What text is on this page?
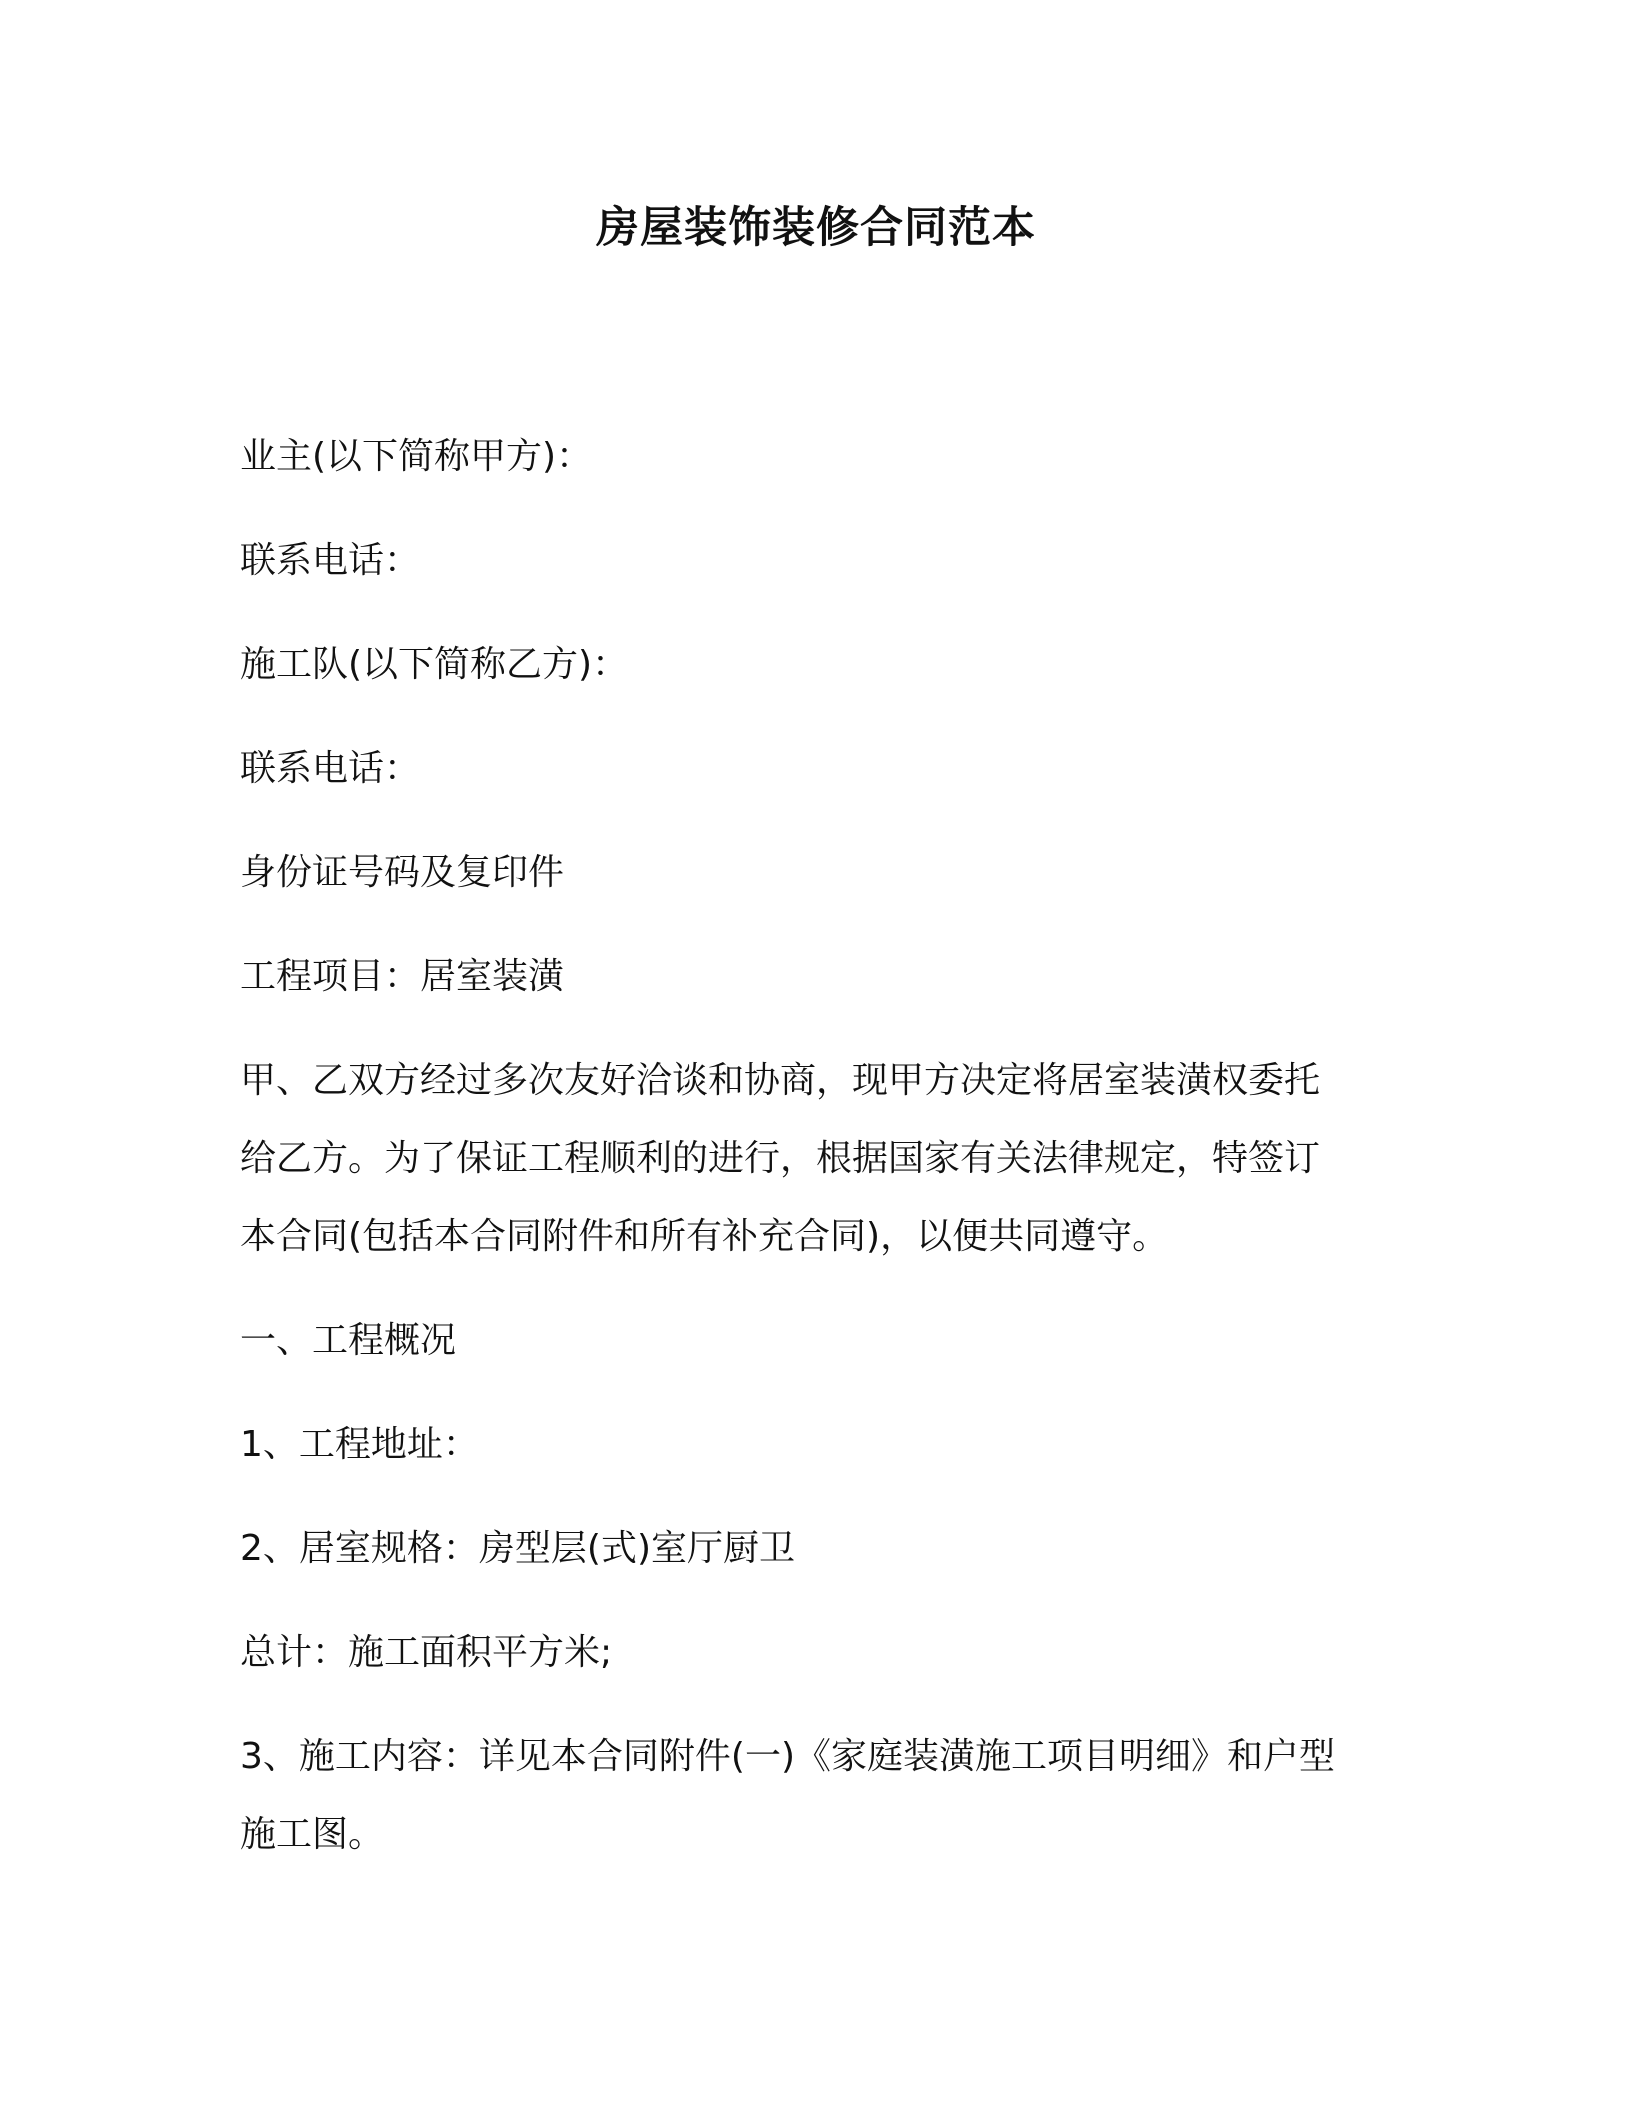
房屋装饰装修合同范本

业主(以下简称甲方)：

联系电话：

施工队(以下简称乙方)：

联系电话：

身份证号码及复印件

工程项目：居室装潢

甲、乙双方经过多次友好洽谈和协商，现甲方决定将居室装潢权委托
给乙方。为了保证工程顺利的进行，根据国家有关法律规定，特签订
本合同(包括本合同附件和所有补充合同)，以便共同遵守。

一、工程概况

1、工程地址：

2、居室规格：房型层(式)室厅厨卫

总计：施工面积平方米;

3、施工内容：详见本合同附件(一)《家庭装潢施工项目明细》和户型
施工图。
